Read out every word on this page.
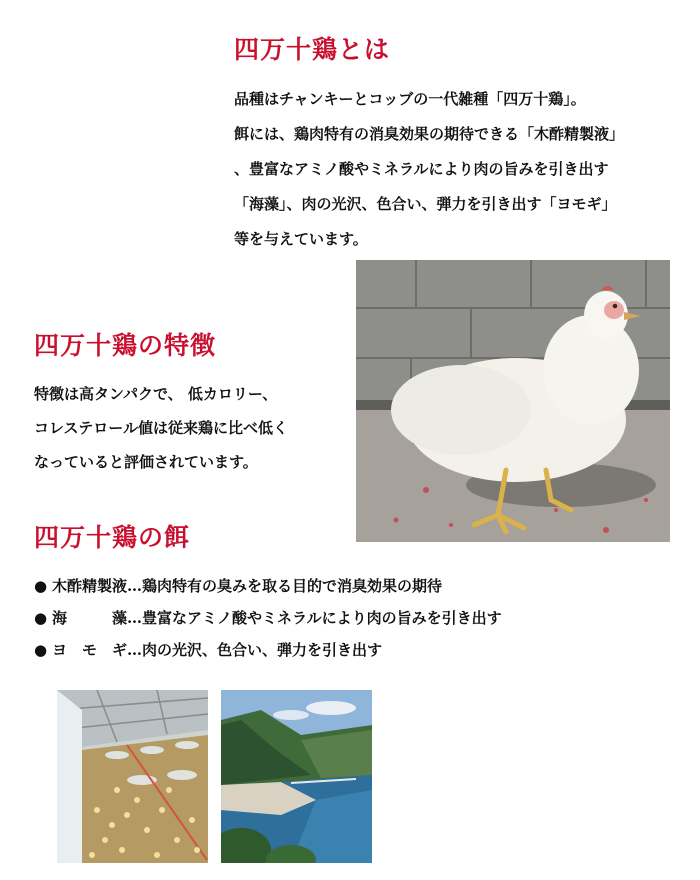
四万十鶏とは

品種はチャンキーとコッブの一代雑種「四万十鶏」。

餌には、鶏肉特有の消臭効果の期待できる「木酢精製液」

、豊富なアミノ酸やミネラルにより肉の旨みを引き出す

「海藻」、肉の光沢、色合い、弾力を引き出す「ヨモギ」

等を与えています。

四万十鶏の特徴

特徴は高タンパクで、 低カロリー、

コレステロール値は従来鶏に比べ低く

なっていると評価されています。

四万十鶏の餌
● 木酢精製液…鶏肉特有の臭みを取る目的で消臭効果の期待
● 海　　　藻…豊富なアミノ酸やミネラルにより肉の旨みを引き出す
● ヨ　モ　ギ…肉の光沢、色合い、弾力を引き出す
